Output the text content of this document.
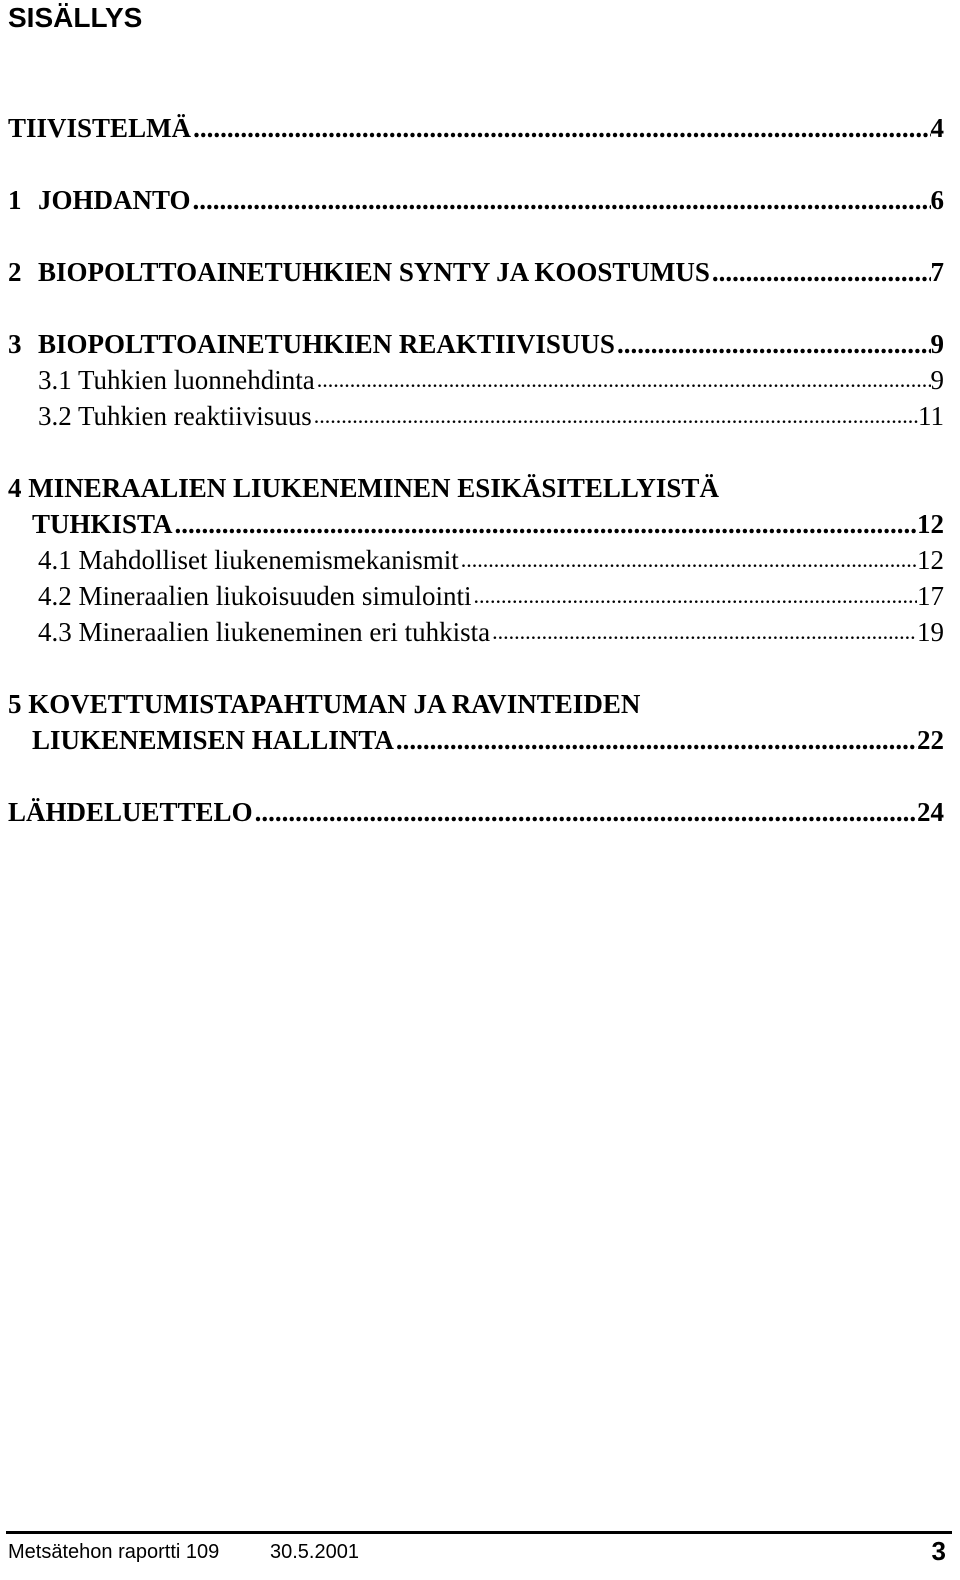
SISÄLLYS
TIIVISTELMÄ .....	4
1 JOHDANTO .....	6
2 BIOPOLTTOAINETUHKIEN SYNTY JA KOOSTUMUS .....	7
3 BIOPOLTTOAINETUHKIEN REAKTIIVISUUS .....	9
3.1 Tuhkien luonnehdinta .....	9
3.2 Tuhkien reaktiivisuus .....	11
4 MINERAALIEN LIUKENEMINEN ESIKÄSITELLYISTÄ
TUHKISTA .....	12
4.1 Mahdolliset liukenemismekanismit .....	12
4.2 Mineraalien liukoisuuden simulointi .....	17
4.3 Mineraalien liukeneminen eri tuhkista .....	19
5 KOVETTUMISTAPAHTUMAN JA RAVINTEIDEN
LIUKENEMISEN HALLINTA .....	22
LÄHDELUETTELO .....	24
Metsätehon raportti 109	30.5.2001	3
